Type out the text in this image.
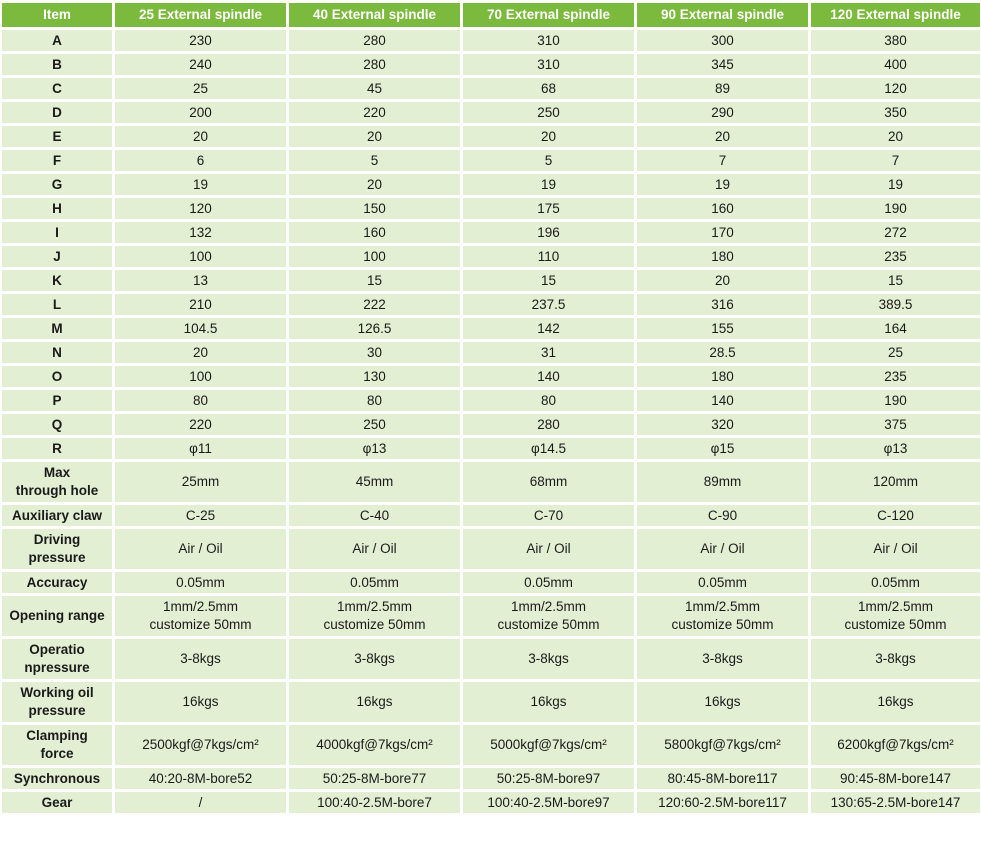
Item	25 External spindle	40 External spindle	70 External spindle	90 External spindle	120 External spindle
A	230	280	310	300	380
B	240	280	310	345	400
C	25	45	68	89	120
D	200	220	250	290	350
E	20	20	20	20	20
F	6	5	5	7	7
G	19	20	19	19	19
H	120	150	175	160	190
I	132	160	196	170	272
J	100	100	110	180	235
K	13	15	15	20	15
L	210	222	237.5	316	389.5
M	104.5	126.5	142	155	164
N	20	30	31	28.5	25
O	100	130	140	180	235
P	80	80	80	140	190
Q	220	250	280	320	375
R	φ11	φ13	φ14.5	φ15	φ13
Max
through hole	25mm	45mm	68mm	89mm	120mm
Auxiliary claw	C-25	C-40	C-70	C-90	C-120
Driving
pressure	Air / Oil	Air / Oil	Air / Oil	Air / Oil	Air / Oil
Accuracy	0.05mm	0.05mm	0.05mm	0.05mm	0.05mm
Opening range	1mm/2.5mm
customize 50mm	1mm/2.5mm
customize 50mm	1mm/2.5mm
customize 50mm	1mm/2.5mm
customize 50mm	1mm/2.5mm
customize 50mm
Operatio
npressure	3-8kgs	3-8kgs	3-8kgs	3-8kgs	3-8kgs
Working oil
pressure	16kgs	16kgs	16kgs	16kgs	16kgs
Clamping
force	2500kgf@7kgs/cm²	4000kgf@7kgs/cm²	5000kgf@7kgs/cm²	5800kgf@7kgs/cm²	6200kgf@7kgs/cm²
Synchronous	40:20-8M-bore52	50:25-8M-bore77	50:25-8M-bore97	80:45-8M-bore117	90:45-8M-bore147
Gear	/	100:40-2.5M-bore7	100:40-2.5M-bore97	120:60-2.5M-bore117	130:65-2.5M-bore147
